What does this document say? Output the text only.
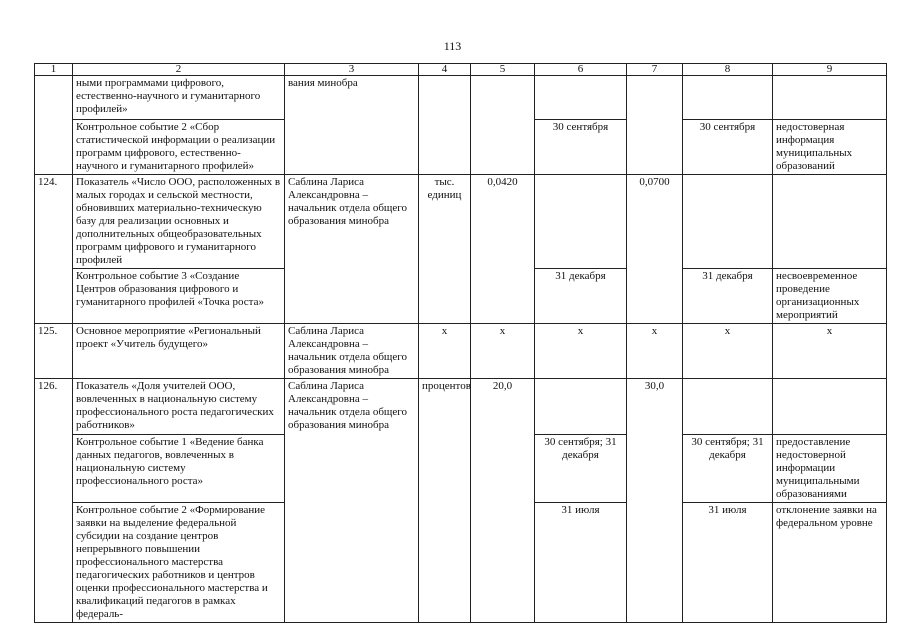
113
1	2	3	4	5	6	7	8	9
	ными программами цифрового, естественно-научного и гуманитарного профилей»	вания минобра						
	Контрольное событие 2 «Сбор статистической информации о реализации программ цифрового, естественно-научного и гуманитарного профилей»				30 сентября		30 сентября	недостоверная информация муниципальных образований
124.	Показатель «Число ООО, расположенных в малых городах и сельской местности, обновивших материально-техническую базу для реализации основных и дополнительных общеобразовательных программ цифрового и гуманитарного профилей	Саблина Лариса Александровна – начальник отдела общего образования минобра	тыс. единиц	0,0420		0,0700		
	Контрольное событие 3 «Создание Центров образования цифрового и гуманитарного профилей «Точка роста»				31 декабря		31 декабря	несвоевременное проведение организационных мероприятий
125.	Основное мероприятие «Региональный проект «Учитель будущего»	Саблина Лариса Александровна – начальник отдела общего образования минобра	х	х	х	х	х	х
126.	Показатель «Доля учителей ООО, вовлеченных в национальную систему профессионального роста педагогических работников»	Саблина Лариса Александровна – начальник отдела общего образования минобра	процентов	20,0		30,0		
	Контрольное событие 1 «Ведение банка данных педагогов, вовлеченных в национальную систему профессионального роста»				30 сентября; 31 декабря		30 сентября; 31 декабря	предоставление недостоверной информации муниципальными образованиями
	Контрольное событие 2 «Формирование заявки на выделение федеральной субсидии на создание центров непрерывного повышении профессионального мастерства педагогических работников и центров оценки профессионального мастерства и квалификаций педагогов в рамках федераль-				31 июля		31 июля	отклонение заявки на федеральном уровне
